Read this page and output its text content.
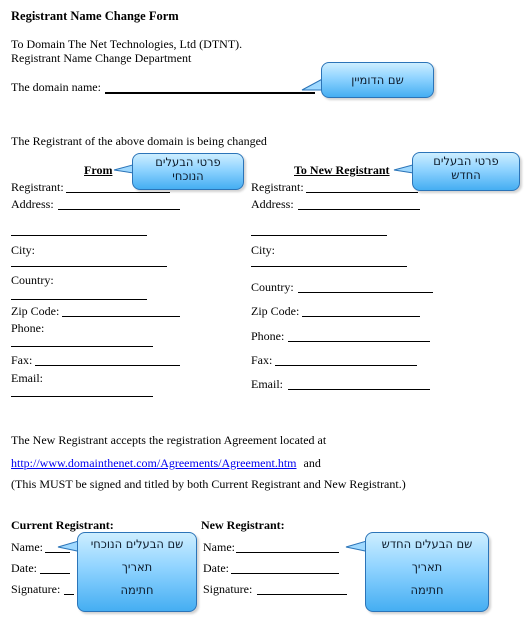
Registrant Name Change Form
To Domain The Net Technologies, Ltd (DTNT).
Registrant Name Change Department
The domain name:
The Registrant of the above domain is being changed
From
Registrant:
Address:
City:
Country:
Zip Code:
Phone:
Fax:
Email:
To New Registrant
Registrant:
Address:
City:
Country:
Zip Code:
Phone:
Fax:
Email:
The New Registrant accepts the registration Agreement located at
http://www.domainthenet.com/Agreements/Agreement.htm and
(This MUST be signed and titled by both Current Registrant and New Registrant.)
Current Registrant:	New Registrant:
Name:
Date:
Signature:
Name:
Date:
Signature:
שם הדומיין
פרטי הבעלים
הנוכחי
פרטי הבעלים
החדש
שם הבעלים הנוכחי
תאריך
חתימה
שם הבעלים החדש
תאריך
חתימה
